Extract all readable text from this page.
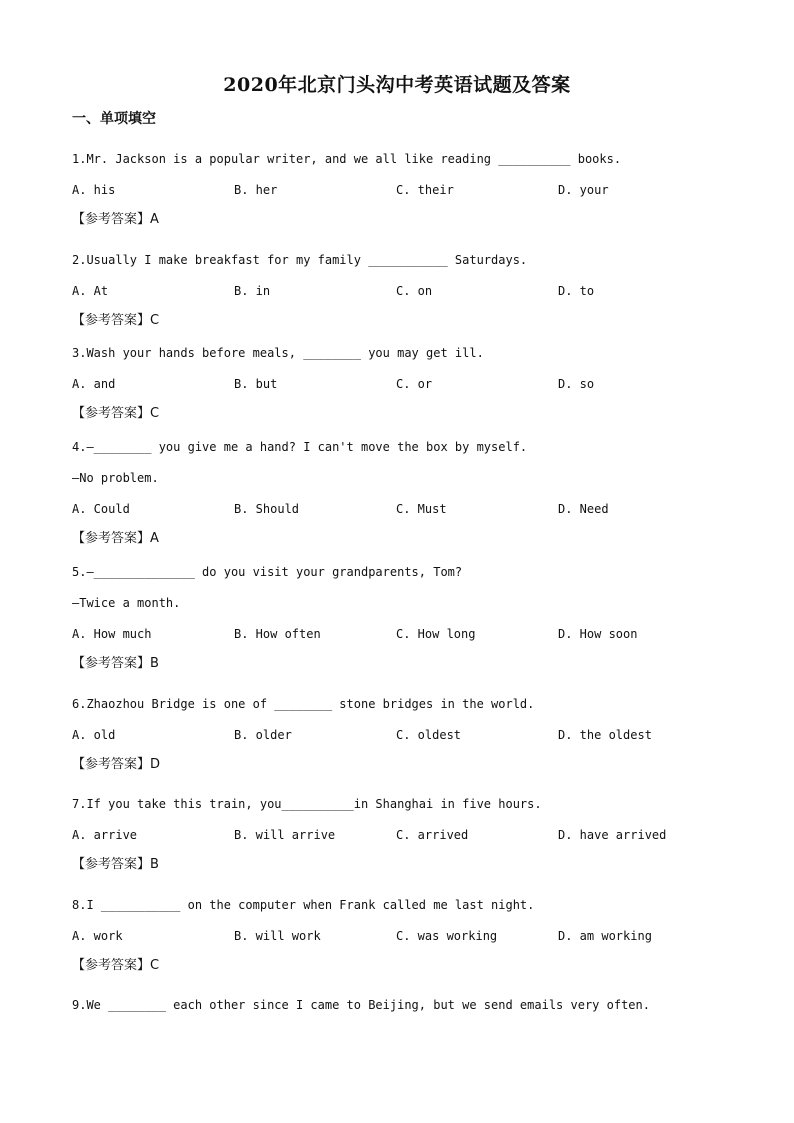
2020年北京门头沟中考英语试题及答案
一、单项填空
1.Mr. Jackson is a popular writer, and we all like reading __________ books.
A. his	B. her	C. their	D. your
【参考答案】A
2.Usually I make breakfast for my family ___________ Saturdays.
A. At	B. in	C. on	D. to
【参考答案】C
3.Wash your hands before meals, ________ you may get ill.
A. and	B. but	C. or	D. so
【参考答案】C
4.—________ you give me a hand? I can't move the box by myself.
—No problem.
A. Could	B. Should	C. Must	D. Need
【参考答案】A
5.—______________ do you visit your grandparents, Tom?
—Twice a month.
A. How much	B. How often	C. How long	D. How soon
【参考答案】B
6.Zhaozhou Bridge is one of ________ stone bridges in the world.
A. old	B. older	C. oldest	D. the oldest
【参考答案】D
7.If you take this train, you__________in Shanghai in five hours.
A. arrive	B. will arrive	C. arrived	D. have arrived
【参考答案】B
8.I ___________ on the computer when Frank called me last night.
A. work	B. will work	C. was working	D. am working
【参考答案】C
9.We ________ each other since I came to Beijing, but we send emails very often.
